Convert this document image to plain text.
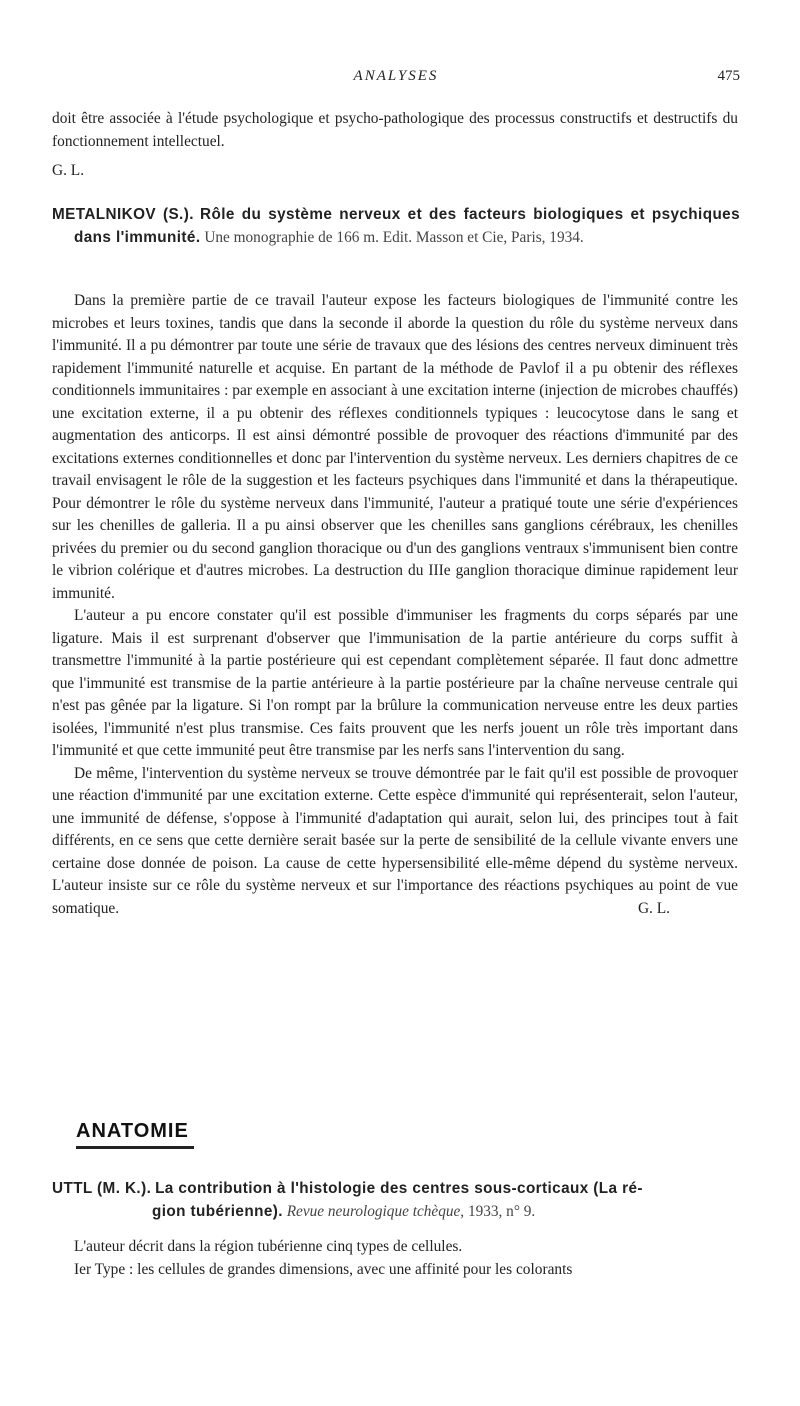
ANALYSES	475
doit être associée à l'étude psychologique et psycho-pathologique des processus constructifs et destructifs du fonctionnement intellectuel.
G. L.
METALNIKOV (S.). Rôle du système nerveux et des facteurs biologiques et psychiques dans l'immunité. Une monographie de 166 m. Edit. Masson et Cie, Paris, 1934.

Dans la première partie de ce travail l'auteur expose les facteurs biologiques de l'immunité contre les microbes et leurs toxines, tandis que dans la seconde il aborde la question du rôle du système nerveux dans l'immunité. Il a pu démontrer par toute une série de travaux que des lésions des centres nerveux diminuent très rapidement l'immunité naturelle et acquise. En partant de la méthode de Pavlof il a pu obtenir des réflexes conditionnels immunitaires : par exemple en associant à une excitation interne (injection de microbes chauffés) une excitation externe, il a pu obtenir des réflexes conditionnels typiques : leucocytose dans le sang et augmentation des anticorps. Il est ainsi démontré possible de provoquer des réactions d'immunité par des excitations externes conditionnelles et donc par l'intervention du système nerveux. Les derniers chapitres de ce travail envisagent le rôle de la suggestion et les facteurs psychiques dans l'immunité et dans la thérapeutique. Pour démontrer le rôle du système nerveux dans l'immunité, l'auteur a pratiqué toute une série d'expériences sur les chenilles de galleria. Il a pu ainsi observer que les chenilles sans ganglions cérébraux, les chenilles privées du premier ou du second ganglion thoracique ou d'un des ganglions ventraux s'immunisent bien contre le vibrion colérique et d'autres microbes. La destruction du IIIe ganglion thoracique diminue rapidement leur immunité.

L'auteur a pu encore constater qu'il est possible d'immuniser les fragments du corps séparés par une ligature. Mais il est surprenant d'observer que l'immunisation de la partie antérieure du corps suffit à transmettre l'immunité à la partie postérieure qui est cependant complètement séparée. Il faut donc admettre que l'immunité est transmise de la partie antérieure à la partie postérieure par la chaîne nerveuse centrale qui n'est pas gênée par la ligature. Si l'on rompt par la brûlure la communication nerveuse entre les deux parties isolées, l'immunité n'est plus transmise. Ces faits prouvent que les nerfs jouent un rôle très important dans l'immunité et que cette immunité peut être transmise par les nerfs sans l'intervention du sang.

De même, l'intervention du système nerveux se trouve démontrée par le fait qu'il est possible de provoquer une réaction d'immunité par une excitation externe. Cette espèce d'immunité qui représenterait, selon l'auteur, une immunité de défense, s'oppose à l'immunité d'adaptation qui aurait, selon lui, des principes tout à fait différents, en ce sens que cette dernière serait basée sur la perte de sensibilité de la cellule vivante envers une certaine dose donnée de poison. La cause de cette hypersensibilité elle-même dépend du système nerveux. L'auteur insiste sur ce rôle du système nerveux et sur l'importance des réactions psychiques au point de vue somatique.	G. L.

ANATOMIE
UTTL (M. K.). La contribution à l'histologie des centres sous-corticaux (La ré-
gion tubérienne). Revue neurologique tchèque, 1933, n° 9.

L'auteur décrit dans la région tubérienne cinq types de cellules.

Ier Type : les cellules de grandes dimensions, avec une affinité pour les colorants
